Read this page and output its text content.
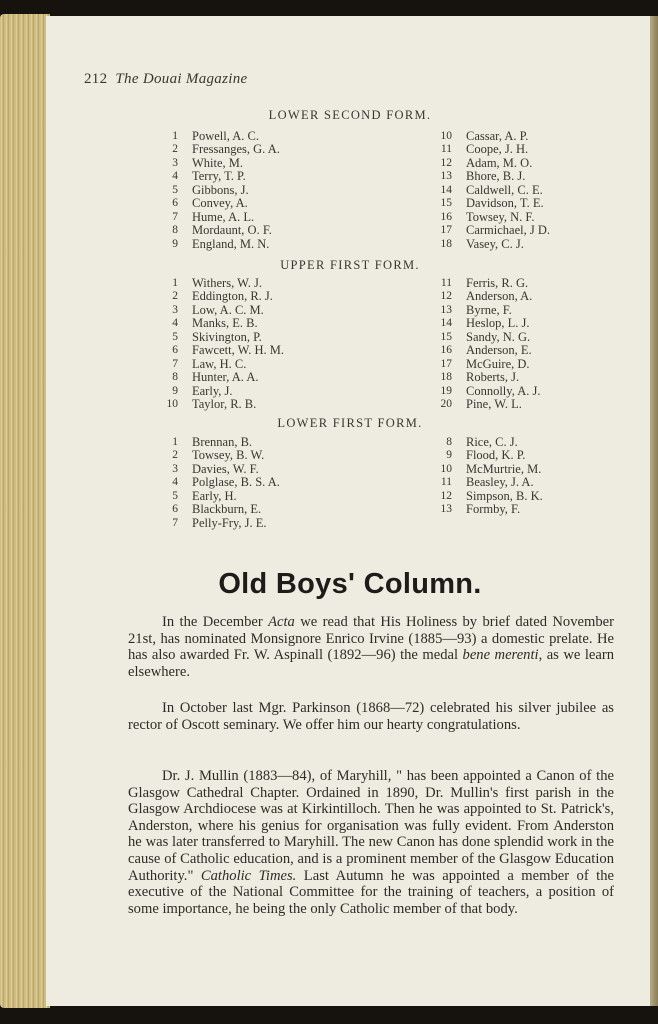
212 The Douai Magazine
LOWER SECOND FORM.
1 Powell, A. C.
2 Fressanges, G. A.
3 White, M.
4 Terry, T. P.
5 Gibbons, J.
6 Convey, A.
7 Hume, A. L.
8 Mordaunt, O. F.
9 England, M. N.
10 Cassar, A. P.
11 Coope, J. H.
12 Adam, M. O.
13 Bhore, B. J.
14 Caldwell, C. E.
15 Davidson, T. E.
16 Towsey, N. F.
17 Carmichael, J D.
18 Vasey, C. J.
UPPER FIRST FORM.
1 Withers, W. J.
2 Eddington, R. J.
3 Low, A. C. M.
4 Manks, E. B.
5 Skivington, P.
6 Fawcett, W. H. M.
7 Law, H. C.
8 Hunter, A. A.
9 Early, J.
10 Taylor, R. B.
11 Ferris, R. G.
12 Anderson, A.
13 Byrne, F.
14 Heslop, L. J.
15 Sandy, N. G.
16 Anderson, E.
17 McGuire, D.
18 Roberts, J.
19 Connolly, A. J.
20 Pine, W. L.
LOWER FIRST FORM.
1 Brennan, B.
2 Towsey, B. W.
3 Davies, W. F.
4 Polglase, B. S. A.
5 Early, H.
6 Blackburn, E.
7 Pelly-Fry, J. E.
8 Rice, C. J.
9 Flood, K. P.
10 McMurtrie, M.
11 Beasley, J. A.
12 Simpson, B. K.
13 Formby, F.
Old Boys' Column.
In the December Acta we read that His Holiness by brief dated November 21st, has nominated Monsignore Enrico Irvine (1885—93) a domestic prelate. He has also awarded Fr. W. Aspinall (1892—96) the medal bene merenti, as we learn elsewhere.
In October last Mgr. Parkinson (1868—72) celebrated his silver jubilee as rector of Oscott seminary. We offer him our hearty congratulations.
Dr. J. Mullin (1883—84), of Maryhill, " has been appointed a Canon of the Glasgow Cathedral Chapter. Ordained in 1890, Dr. Mullin's first parish in the Glasgow Archdiocese was at Kirkintilloch. Then he was appointed to St. Patrick's, Anderston, where his genius for organisation was fully evident. From Anderston he was later transferred to Maryhill. The new Canon has done splendid work in the cause of Catholic education, and is a prominent member of the Glasgow Education Authority." Catholic Times. Last Autumn he was appointed a member of the executive of the National Committee for the training of teachers, a position of some importance, he being the only Catholic member of that body.
